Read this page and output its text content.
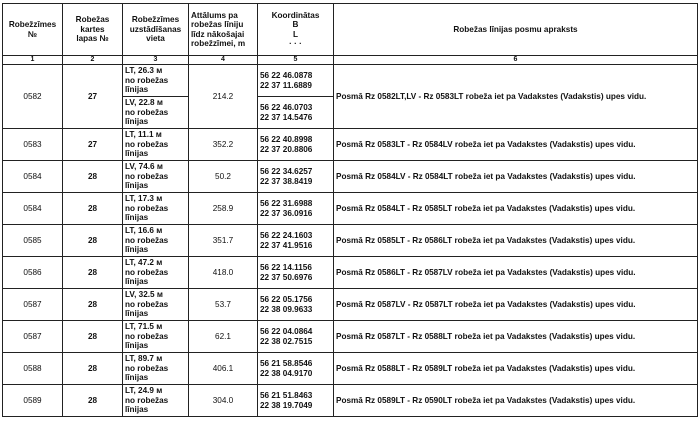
Robežzīmes
№	Robežas
kartes
lapas №	Robežzīmes
uzstādīšanas
vieta	Attālums pa
robežas līniju
līdz nākošajai
robežzīmei, m	Koordinātas
B
L
· · ·	Robežas līnijas posmu apraksts
1	2	3	4	5	6
0582	27	LT, 26.3 м
no robežas
līnijas	214.2	56 22 46.0878
22 37 11.6889	Posmā Rz 0582LT,LV - Rz 0583LT robeža iet pa Vadakstes (Vadakstis) upes vidu.
		LV, 22.8 м
no robežas
līnijas		56 22 46.0703
22 37 14.5476	
0583	27	LT, 11.1 м
no robežas
līnijas	352.2	56 22 40.8998
22 37 20.8806	Posmā Rz 0583LT - Rz 0584LV robeža iet pa Vadakstes (Vadakstis) upes vidu.
0584	28	LV, 74.6 м
no robežas
līnijas	50.2	56 22 34.6257
22 37 38.8419	Posmā Rz 0584LV - Rz 0584LT robeža iet pa Vadakstes (Vadakstis) upes vidu.
0584	28	LT, 17.3 м
no robežas
līnijas	258.9	56 22 31.6988
22 37 36.0916	Posmā Rz 0584LT - Rz 0585LT robeža iet pa Vadakstes (Vadakstis) upes vidu.
0585	28	LT, 16.6 м
no robežas
līnijas	351.7	56 22 24.1603
22 37 41.9516	Posmā Rz 0585LT - Rz 0586LT robeža iet pa Vadakstes (Vadakstis) upes vidu.
0586	28	LT, 47.2 м
no robežas
līnijas	418.0	56 22 14.1156
22 37 50.6976	Posmā Rz 0586LT - Rz 0587LV robeža iet pa Vadakstes (Vadakstis) upes vidu.
0587	28	LV, 32.5 м
no robežas
līnijas	53.7	56 22 05.1756
22 38 09.9633	Posmā Rz 0587LV - Rz 0587LT robeža iet pa Vadakstes (Vadakstis) upes vidu.
0587	28	LT, 71.5 м
no robežas
līnijas	62.1	56 22 04.0864
22 38 02.7515	Posmā Rz 0587LT - Rz 0588LT robeža iet pa Vadakstes (Vadakstis) upes vidu.
0588	28	LT, 89.7 м
no robežas
līnijas	406.1	56 21 58.8546
22 38 04.9170	Posmā Rz 0588LT - Rz 0589LT robeža iet pa Vadakstes (Vadakstis) upes vidu.
0589	28	LT, 24.9 м
no robežas
līnijas	304.0	56 21 51.8463
22 38 19.7049	Posmā Rz 0589LT - Rz 0590LT robeža iet pa Vadakstes (Vadakstis) upes vidu.
